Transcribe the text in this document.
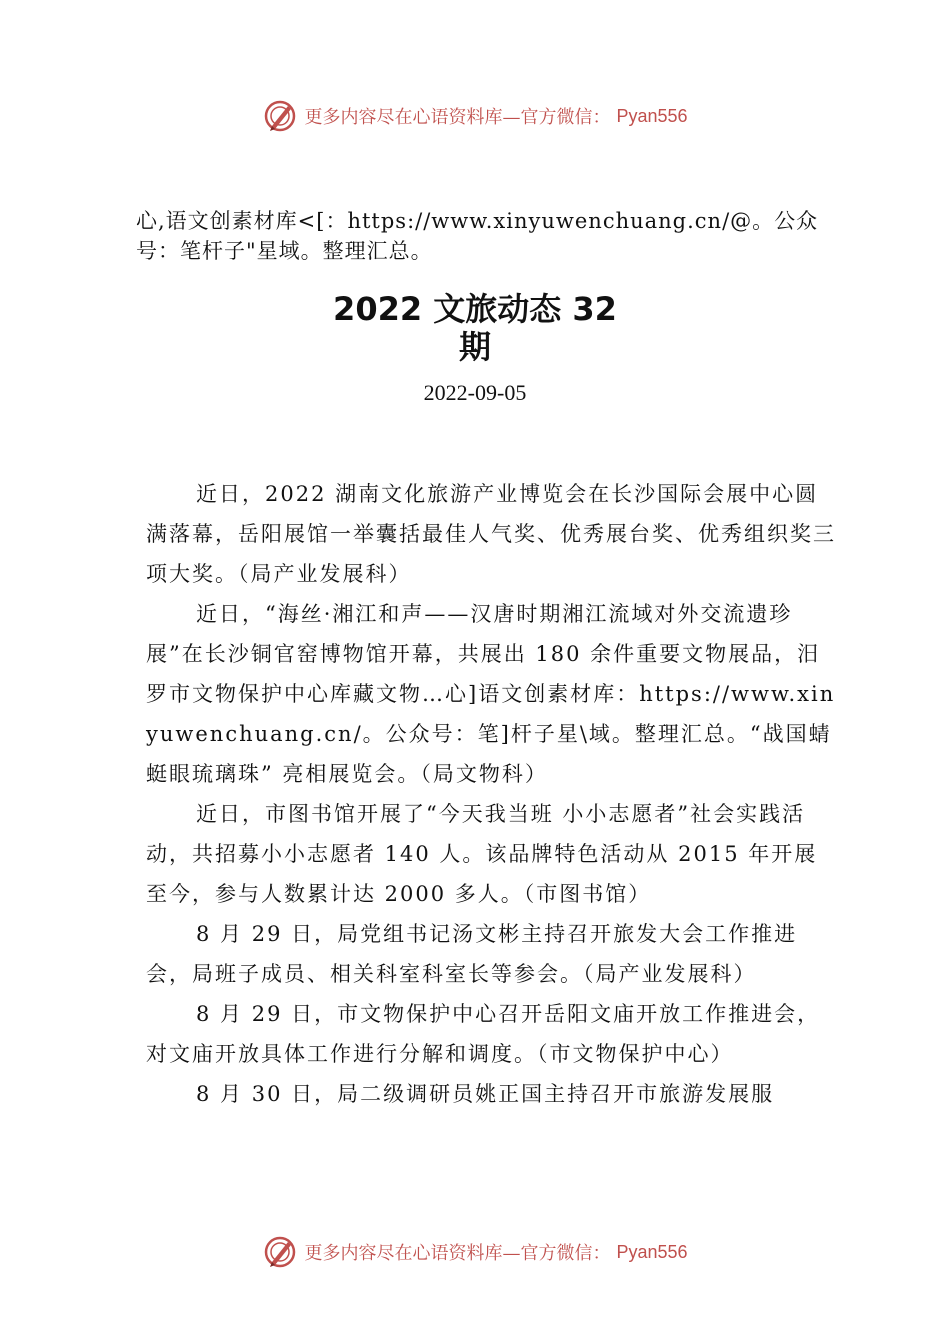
更多内容尽在心语资料库—官方微信： Pyan556
心,语文创素材库<[：https://www.xinyuwenchuang.cn/@。公众号：笔杆子"星域。整理汇总。
2022 文旅动态 32
期
2022-09-05

近日，2022 湖南文化旅游产业博览会在长沙国际会展中心圆满落幕，岳阳展馆一举囊括最佳人气奖、优秀展台奖、优秀组织奖三项大奖。（局产业发展科）

近日，“海丝·湘江和声——汉唐时期湘江流域对外交流遗珍展”在长沙铜官窑博物馆开幕，共展出 180 余件重要文物展品，汨罗市文物保护中心库藏文物…心]语文创素材库：https://www.xinyuwenchuang.cn/。公众号：笔]杆子星\域。整理汇总。“战国蜻蜓眼琉璃珠” 亮相展览会。（局文物科）

近日，市图书馆开展了“今天我当班 小小志愿者”社会实践活动，共招募小小志愿者 140 人。该品牌特色活动从 2015 年开展至今，参与人数累计达 2000 多人。（市图书馆）

8 月 29 日，局党组书记汤文彬主持召开旅发大会工作推进会，局班子成员、相关科室科室长等参会。（局产业发展科）

8 月 29 日，市文物保护中心召开岳阳文庙开放工作推进会，对文庙开放具体工作进行分解和调度。（市文物保护中心）

8 月 30 日，局二级调研员姚正国主持召开市旅游发展服

更多内容尽在心语资料库—官方微信： Pyan556
